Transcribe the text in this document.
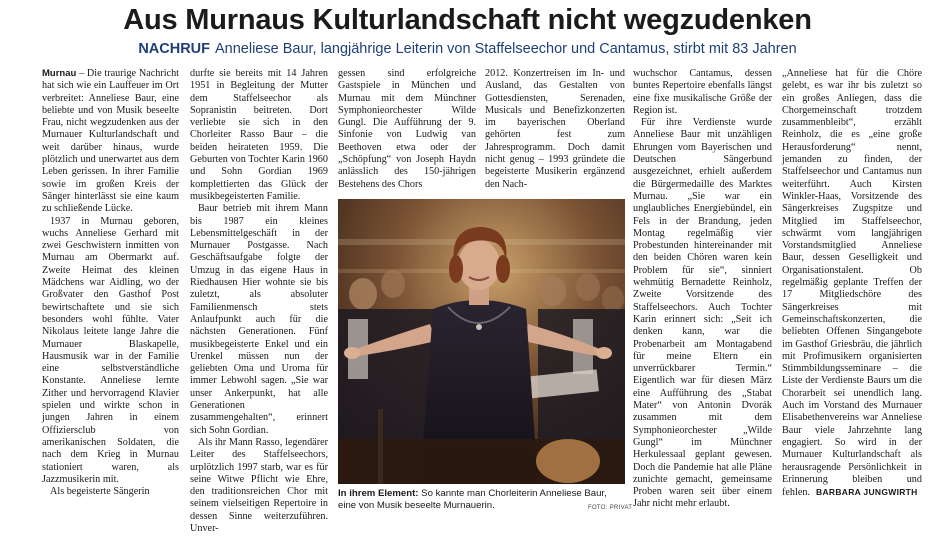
Aus Murnaus Kulturlandschaft nicht wegzudenken
NACHRUF Anneliese Baur, langjährige Leiterin von Staffelseechor und Cantamus, stirbt mit 83 Jahren

Murnau – Die traurige Nachricht hat sich wie ein Lauffeuer im Ort verbreitet: Anneliese Baur, eine beliebte und von Musik beseelte Frau, nicht wegzudenken aus der Murnauer Kulturlandschaft und weit darüber hinaus, wurde plötzlich und unerwartet aus dem Leben gerissen. In ihrer Familie sowie im großen Kreis der Sänger hinterlässt sie eine kaum zu schließende Lücke.

1937 in Murnau geboren, wuchs Anneliese Gerhard mit zwei Geschwistern inmitten von Murnau am Obermarkt auf. Zweite Heimat des kleinen Mädchens war Aidling, wo der Großvater den Gasthof Post bewirtschaftete und sie sich besonders wohl fühlte. Vater Nikolaus leitete lange Jahre die Murnauer Blaskapelle, Hausmusik war in der Familie eine selbstverständliche Konstante. Anneliese lernte Zither und hervorragend Klavier spielen und wirkte schon in jungen Jahren in einem Offiziersclub von amerikanischen Soldaten, die nach dem Krieg in Murnau stationiert waren, als Jazzmusikerin mit.

Als begeisterte Sängerin

durfte sie bereits mit 14 Jahren 1951 in Begleitung der Mutter dem Staffelseechor als Sopranistin beitreten. Dort verliebte sie sich in den Chorleiter Rasso Baur – die beiden heirateten 1959. Die Geburten von Tochter Karin 1960 und Sohn Gordian 1969 komplettierten das Glück der musikbegeisterten Familie.

Baur betrieb mit ihrem Mann bis 1987 ein kleines Lebensmittelgeschäft in der Murnauer Postgasse. Nach Geschäftsaufgabe folgte der Umzug in das eigene Haus in Riedhausen Hier wohnte sie bis zuletzt, als absoluter Familienmensch stets Anlaufpunkt auch für die nächsten Generationen. Fünf musikbegeisterte Enkel und ein Urenkel müssen nun der geliebten Oma und Uroma für immer Lebwohl sagen. „Sie war unser Ankerpunkt, hat alle Generationen zusammengehalten“, erinnert sich Sohn Gordian.

Als ihr Mann Rasso, legendärer Leiter des Staffelseechors, urplötzlich 1997 starb, war es für seine Witwe Pflicht wie Ehre, den traditionsreichen Chor mit seinem vielseitigen Repertoire in dessen Sinne weiterzuführen. Unver-

gessen sind erfolgreiche Gastspiele in München und Murnau mit dem Münchner Symphonieorchester Wilde Gungl. Die Aufführung der 9. Sinfonie von Ludwig van Beethoven etwa oder der „Schöpfung“ von Joseph Haydn anlässlich des 150-jährigen Bestehens des Chors

2012. Konzertreisen im In- und Ausland, das Gestalten von Gottesdiensten, Serenaden, Musicals und Benefizkonzerten im bayerischen Oberland gehörten fest zum Jahresprogramm. Doch damit nicht genug – 1993 gründete die begeisterte Musikerin ergänzend den Nach-

In ihrem Element: So kannte man Chorleiterin Anneliese Baur, eine von Musik beseelte Murnauerin.	FOTO: PRIVAT

wuchschor Cantamus, dessen buntes Repertoire ebenfalls längst eine fixe musikalische Größe der Region ist.

Für ihre Verdienste wurde Anneliese Baur mit unzähligen Ehrungen vom Bayerischen und Deutschen Sängerbund ausgezeichnet, erhielt außerdem die Bürgermedaille des Marktes Murnau. „Sie war ein unglaubliches Energiebündel, ein Fels in der Brandung, jeden Montag regelmäßig vier Probestunden hintereinander mit den beiden Chören waren kein Problem für sie“, sinniert wehmütig Bernadette Reinholz, Zweite Vorsitzende des Staffelseechors. Auch Tochter Karin erinnert sich: „Seit ich denken kann, war die Probenarbeit am Montagabend für meine Eltern ein unverrückbarer Termin.“ Eigentlich war für diesen März eine Aufführung des „Stabat Mater“ von Antonin Dvorák zusammen mit dem Symphonieorchester „Wilde Gungl“ im Münchner Herkulessaal geplant gewesen. Doch die Pandemie hat alle Pläne zunichte gemacht, gemeinsame Proben waren seit über einem Jahr nicht mehr erlaubt.

„Anneliese hat für die Chöre gelebt, es war ihr bis zuletzt so ein großes Anliegen, dass die Chorgemeinschaft trotzdem zusammenbleibt“, erzählt Reinholz, die es „eine große Herausforderung“ nennt, jemanden zu finden, der Staffelseechor und Cantamus nun weiterführt. Auch Kirsten Winkler-Haas, Vorsitzende des Sängerkreises Zugspitze und Mitglied im Staffelseechor, schwärmt vom langjährigen Vorstandsmitglied Anneliese Baur, dessen Geselligkeit und Organisationstalent. Ob regelmäßig geplante Treffen der 17 Mitgliedschöre des Sängerkreises mit Gemeinschaftskonzerten, die beliebten Offenen Singangebote im Gasthof Griesbräu, die jährlich mit Profimusikern organisierten Stimmbildungsseminare – die Liste der Verdienste Baurs um die Chorarbeit sei unendlich lang. Auch im Vorstand des Murnauer Elisabethenvereins war Anneliese Baur viele Jahrzehnte lang engagiert. So wird in der Murnauer Kulturlandschaft als herausragende Persönlichkeit in Erinnerung bleiben und fehlen. BARBARA JUNGWIRTH
